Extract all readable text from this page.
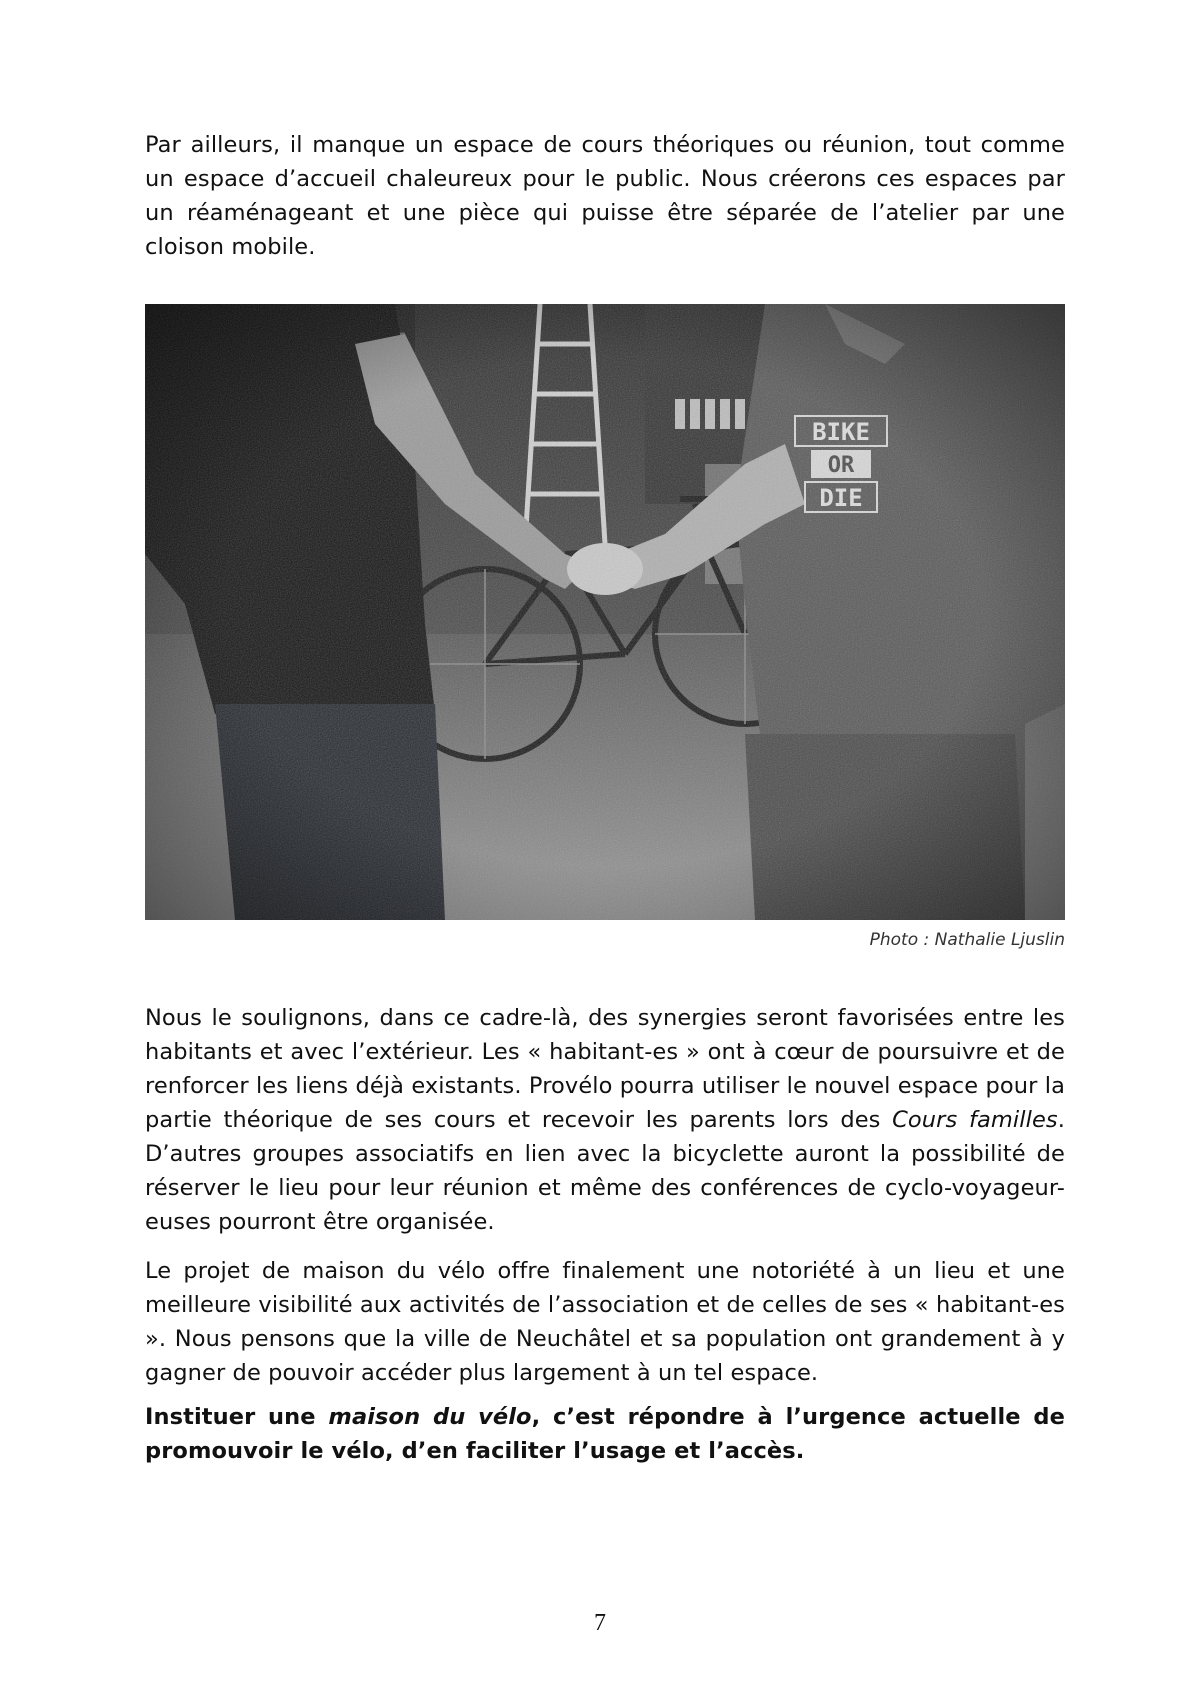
Par ailleurs, il manque un espace de cours théoriques ou réunion, tout comme un espace d’accueil chaleureux pour le public. Nous créerons ces espaces par un réaménageant et une pièce qui puisse être séparée de l’atelier par une cloison mobile.

Photo : Nathalie Ljuslin

Nous le soulignons, dans ce cadre-là, des synergies seront favorisées entre les habitants et avec l’extérieur. Les « habitant-es » ont à cœur de poursuivre et de renforcer les liens déjà existants. Provélo pourra utiliser le nouvel espace pour la partie théorique de ses cours et recevoir les parents lors des Cours familles. D’autres groupes associatifs en lien avec la bicyclette auront la possibilité de réserver le lieu pour leur réunion et même des conférences de cyclo-voyageur-euses pourront être organisée.

Le projet de maison du vélo offre finalement une notoriété à un lieu et une meilleure visibilité aux activités de l’association et de celles de ses « habitant-es ». Nous pensons que la ville de Neuchâtel et sa population ont grandement à y gagner de pouvoir accéder plus largement à un tel espace.

Instituer une maison du vélo, c’est répondre à l’urgence actuelle de promouvoir le vélo, d’en faciliter l’usage et l’accès.

7
